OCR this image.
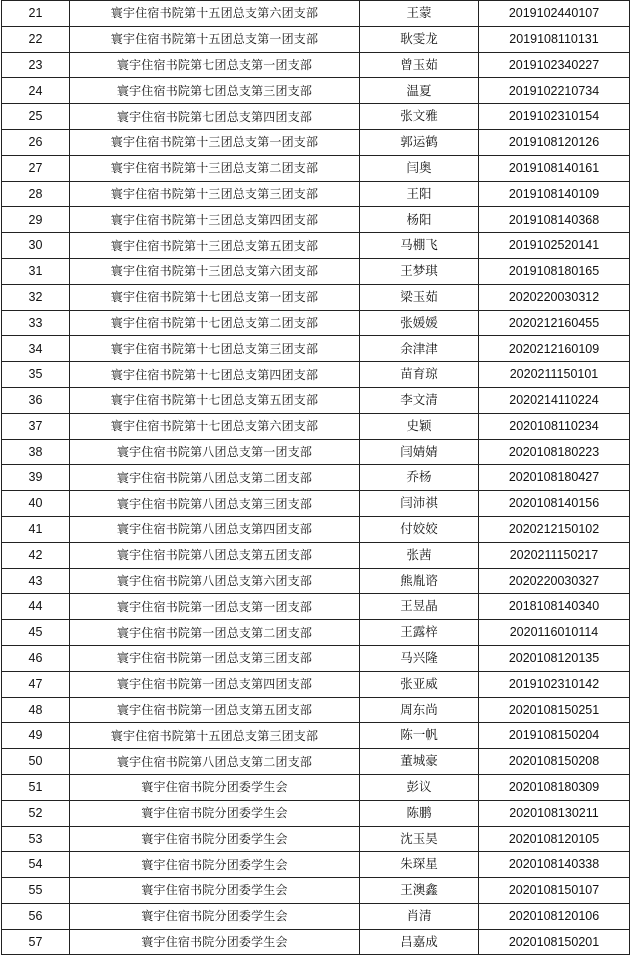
21	寰宇住宿书院第十五团总支第六团支部	王蒙	2019102440107
22	寰宇住宿书院第十五团总支第一团支部	耿雯龙	2019108110131
23	寰宇住宿书院第七团总支第一团支部	曾玉茹	2019102340227
24	寰宇住宿书院第七团总支第三团支部	温夏	2019102210734
25	寰宇住宿书院第七团总支第四团支部	张文雅	2019102310154
26	寰宇住宿书院第十三团总支第一团支部	郭运鹤	2019108120126
27	寰宇住宿书院第十三团总支第二团支部	闫奥	2019108140161
28	寰宇住宿书院第十三团总支第三团支部	王阳	2019108140109
29	寰宇住宿书院第十三团总支第四团支部	杨阳	2019108140368
30	寰宇住宿书院第十三团总支第五团支部	马棚飞	2019102520141
31	寰宇住宿书院第十三团总支第六团支部	王梦琪	2019108180165
32	寰宇住宿书院第十七团总支第一团支部	梁玉茹	2020220030312
33	寰宇住宿书院第十七团总支第二团支部	张媛媛	2020212160455
34	寰宇住宿书院第十七团总支第三团支部	余津津	2020212160109
35	寰宇住宿书院第十七团总支第四团支部	苗育琼	2020211150101
36	寰宇住宿书院第十七团总支第五团支部	李文清	2020214110224
37	寰宇住宿书院第十七团总支第六团支部	史颖	2020108110234
38	寰宇住宿书院第八团总支第一团支部	闫婧婧	2020108180223
39	寰宇住宿书院第八团总支第二团支部	乔杨	2020108180427
40	寰宇住宿书院第八团总支第三团支部	闫沛祺	2020108140156
41	寰宇住宿书院第八团总支第四团支部	付姣姣	2020212150102
42	寰宇住宿书院第八团总支第五团支部	张茜	2020211150217
43	寰宇住宿书院第八团总支第六团支部	熊胤谘	2020220030327
44	寰宇住宿书院第一团总支第一团支部	王昱晶	2018108140340
45	寰宇住宿书院第一团总支第二团支部	王露梓	2020116010114
46	寰宇住宿书院第一团总支第三团支部	马兴隆	2020108120135
47	寰宇住宿书院第一团总支第四团支部	张亚威	2019102310142
48	寰宇住宿书院第一团总支第五团支部	周东尚	2020108150251
49	寰宇住宿书院第十五团总支第三团支部	陈一帆	2019108150204
50	寰宇住宿书院第八团总支第二团支部	董城豪	2020108150208
51	寰宇住宿书院分团委学生会	彭议	2020108180309
52	寰宇住宿书院分团委学生会	陈鹏	2020108130211
53	寰宇住宿书院分团委学生会	沈玉昊	2020108120105
54	寰宇住宿书院分团委学生会	朱琛星	2020108140338
55	寰宇住宿书院分团委学生会	王澳鑫	2020108150107
56	寰宇住宿书院分团委学生会	肖清	2020108120106
57	寰宇住宿书院分团委学生会	吕嘉成	2020108150201
